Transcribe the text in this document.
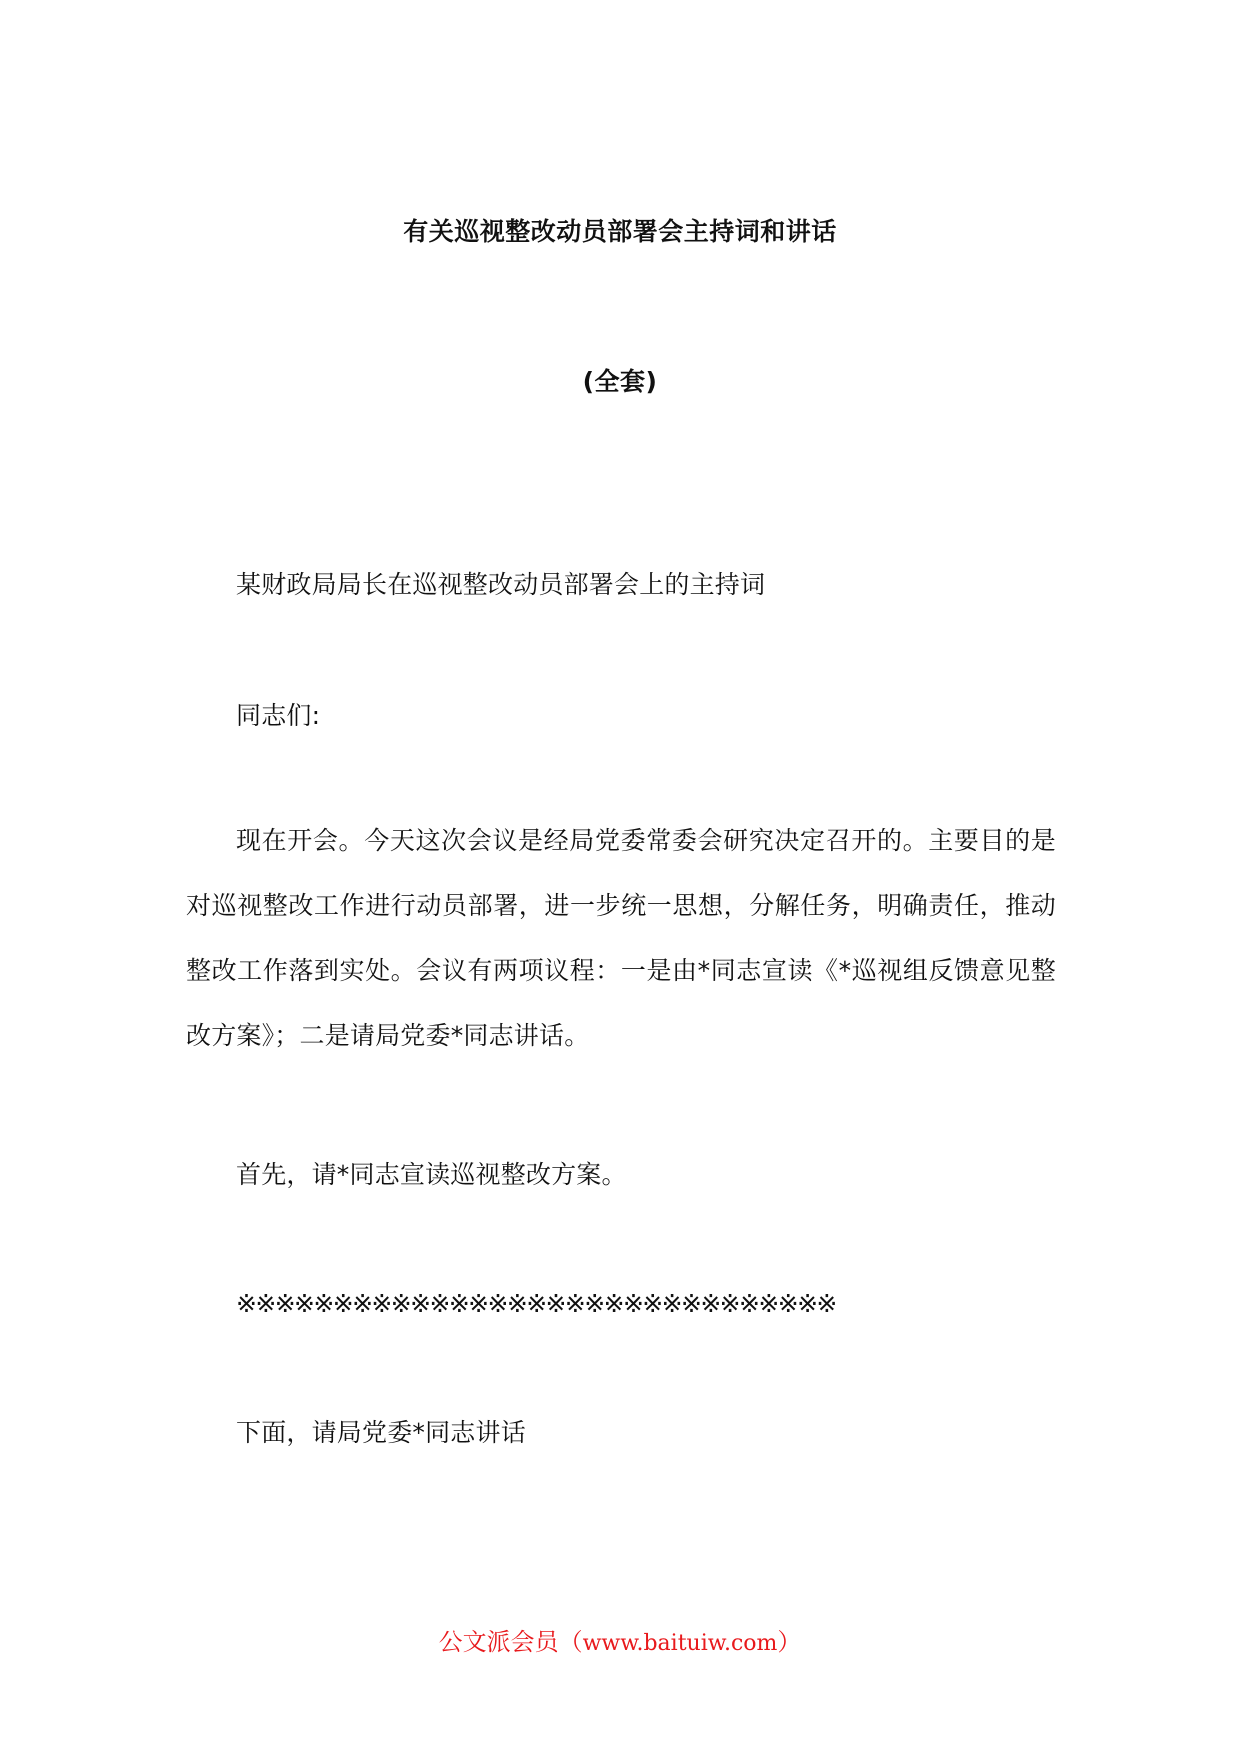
有关巡视整改动员部署会主持词和讲话
(全套)
某财政局局长在巡视整改动员部署会上的主持词
同志们:
现在开会。今天这次会议是经局党委常委会研究决定召开的。主要目的是对巡视整改工作进行动员部署，进一步统一思想，分解任务，明确责任，推动整改工作落到实处。会议有两项议程：一是由*同志宣读《*巡视组反馈意见整改方案》；二是请局党委*同志讲话。
首先，请*同志宣读巡视整改方案。
※※※※※※※※※※※※※※※※※※※※※※※※※※※※※※※
下面，请局党委*同志讲话
公文派会员（www.baituiw.com）
